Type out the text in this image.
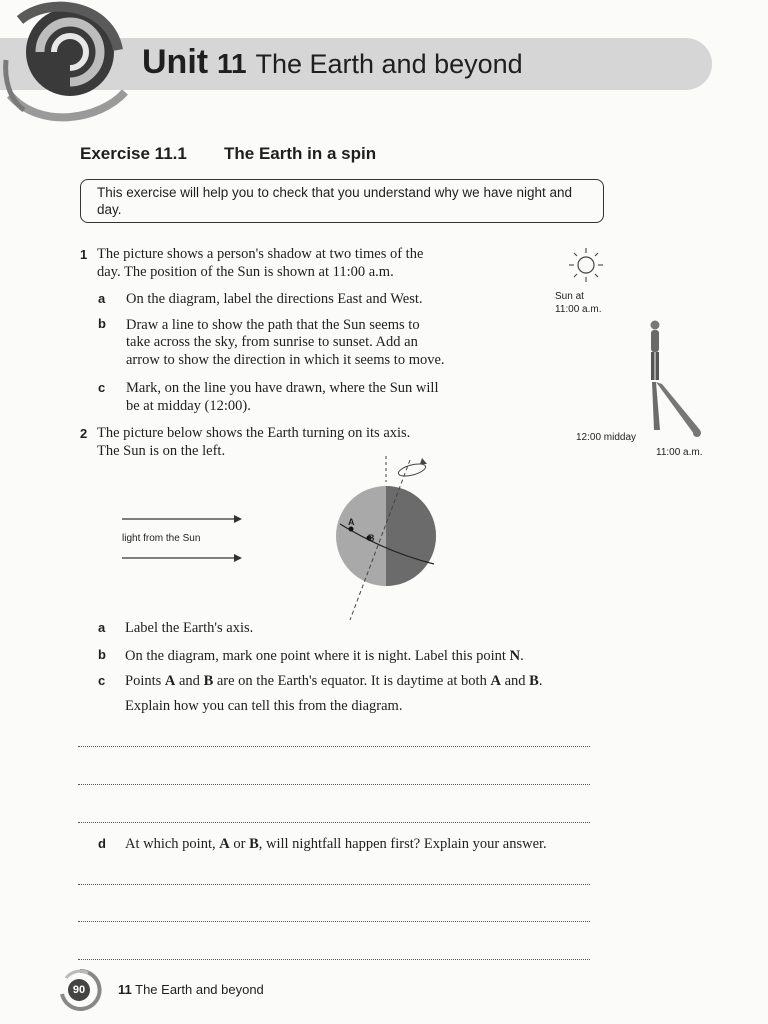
Unit 11 The Earth and beyond
Exercise 11.1 The Earth in a spin
This exercise will help you to check that you understand why we have night and day.
1 The picture shows a person's shadow at two times of the
day. The position of the Sun is shown at 11:00 a.m.
a On the diagram, label the directions East and West.
b Draw a line to show the path that the Sun seems to
take across the sky, from sunrise to sunset. Add an
arrow to show the direction in which it seems to move.
c Mark, on the line you have drawn, where the Sun will
be at midday (12:00).
Sun at
11:00 a.m.
12:00 midday
11:00 a.m.
2 The picture below shows the Earth turning on its axis.
The Sun is on the left.
light from the Sun
A
B
a Label the Earth's axis.
b On the diagram, mark one point where it is night. Label this point N.
c Points A and B are on the Earth's equator. It is daytime at both A and B.
Explain how you can tell this from the diagram.
d At which point, A or B, will nightfall happen first? Explain your answer.
90	11 The Earth and beyond
